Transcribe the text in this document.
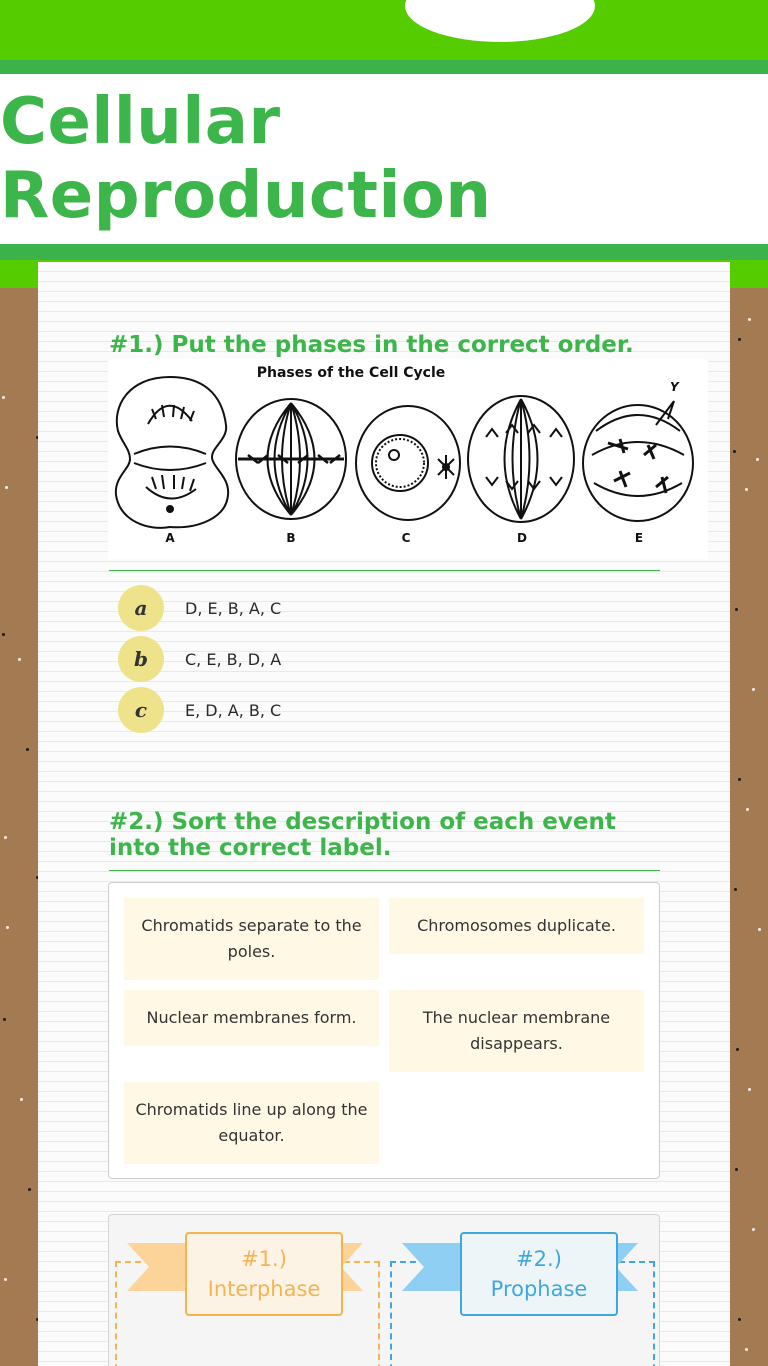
Cellular Reproduction
#1.) Put the phases in the correct order.
Phases of the Cell Cycle
Y
A	B	C	D	E
a	D, E, B, A, C
b	C, E, B, D, A
c	E, D, A, B, C
#2.) Sort the description of each event into the correct label.
Chromatids separate to the poles.
Chromosomes duplicate.
Nuclear membranes form.	The nuclear membrane disappears.
Chromatids line up along the equator.
#1.)
Interphase
#2.)
Prophase
